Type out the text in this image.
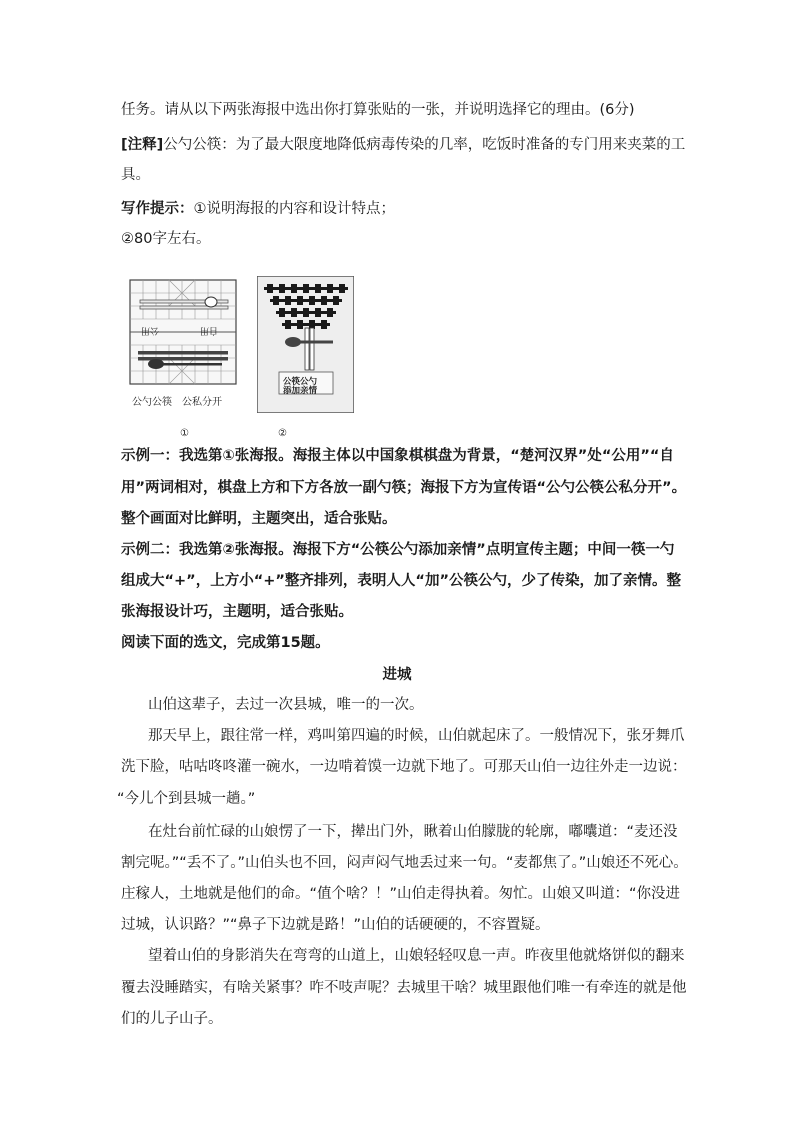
任务。请从以下两张海报中选出你打算张贴的一张，并说明选择它的理由。(6分)
[注释]公勺公筷：为了最大限度地降低病毒传染的几率，吃饭时准备的专门用来夹菜的工
具。
写作提示：①说明海报的内容和设计特点；
②80字左右。
公用	自用
公勺公筷　公私分开
①
公筷公勺
添加亲情
②
示例一：我选第①张海报。海报主体以中国象棋棋盘为背景，“楚河汉界”处“公用”“自
用”两词相对，棋盘上方和下方各放一副勺筷；海报下方为宣传语“公勺公筷公私分开”。
整个画面对比鲜明，主题突出，适合张贴。
示例二：我选第②张海报。海报下方“公筷公勺添加亲情”点明宣传主题；中间一筷一勺
组成大“+”，上方小“+”整齐排列，表明人人“加”公筷公勺，少了传染，加了亲情。整
张海报设计巧，主题明，适合张贴。
阅读下面的选文，完成第15题。
进城
山伯这辈子，去过一次县城，唯一的一次。
那天早上，跟往常一样，鸡叫第四遍的时候，山伯就起床了。一般情况下，张牙舞爪
洗下脸，咕咕咚咚灌一碗水，一边啃着馍一边就下地了。可那天山伯一边往外走一边说：
“今儿个到县城一趟。”
在灶台前忙碌的山娘愣了一下，撵出门外，瞅着山伯朦胧的轮廓，嘟囔道：“麦还没
割完呢。”“丢不了。”山伯头也不回，闷声闷气地丢过来一句。“麦都焦了。”山娘还不死心。
庄稼人，土地就是他们的命。“值个啥？！”山伯走得执着。匆忙。山娘又叫道：“你没进
过城，认识路？”“鼻子下边就是路！”山伯的话硬硬的，不容置疑。
望着山伯的身影消失在弯弯的山道上，山娘轻轻叹息一声。昨夜里他就烙饼似的翻来
覆去没睡踏实，有啥关紧事？咋不吱声呢？去城里干啥？城里跟他们唯一有牵连的就是他
们的儿子山子。
